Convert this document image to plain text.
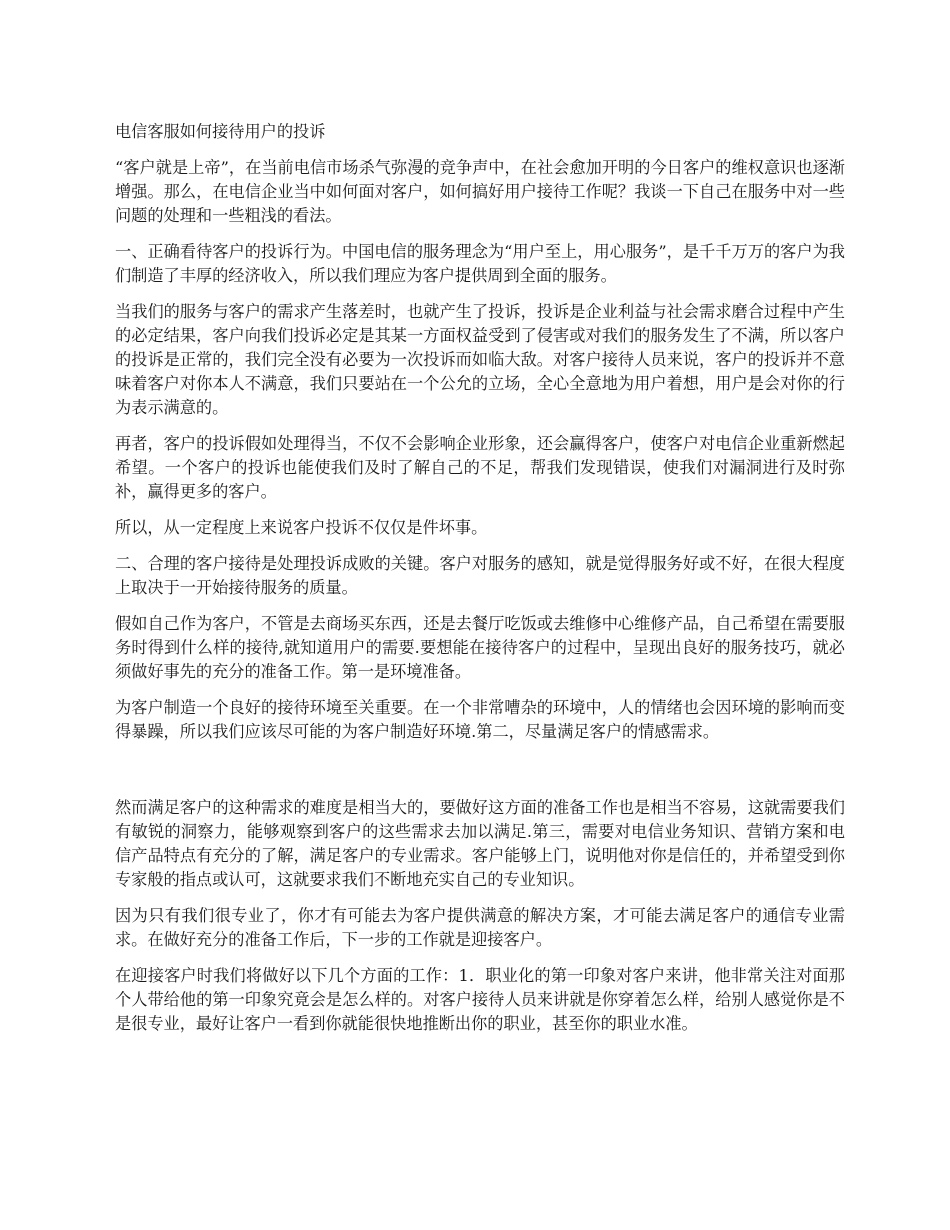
电信客服如何接待用户的投诉

“客户就是上帝”，在当前电信市场杀气弥漫的竞争声中，在社会愈加开明的今日客户的维权意识也逐渐增强。那么，在电信企业当中如何面对客户，如何搞好用户接待工作呢？我谈一下自己在服务中对一些问题的处理和一些粗浅的看法。

一、正确看待客户的投诉行为。中国电信的服务理念为“用户至上，用心服务”，是千千万万的客户为我们制造了丰厚的经济收入，所以我们理应为客户提供周到全面的服务。

当我们的服务与客户的需求产生落差时，也就产生了投诉，投诉是企业利益与社会需求磨合过程中产生的必定结果，客户向我们投诉必定是其某一方面权益受到了侵害或对我们的服务发生了不满，所以客户的投诉是正常的，我们完全没有必要为一次投诉而如临大敌。对客户接待人员来说，客户的投诉并不意味着客户对你本人不满意，我们只要站在一个公允的立场，全心全意地为用户着想，用户是会对你的行为表示满意的。

再者，客户的投诉假如处理得当，不仅不会影响企业形象，还会赢得客户，使客户对电信企业重新燃起希望。一个客户的投诉也能使我们及时了解自己的不足，帮我们发现错误，使我们对漏洞进行及时弥补，赢得更多的客户。

所以，从一定程度上来说客户投诉不仅仅是件坏事。

二、合理的客户接待是处理投诉成败的关键。客户对服务的感知，就是觉得服务好或不好，在很大程度上取决于一开始接待服务的质量。

假如自己作为客户，不管是去商场买东西，还是去餐厅吃饭或去维修中心维修产品，自己希望在需要服务时得到什么样的接待,就知道用户的需要.要想能在接待客户的过程中，呈现出良好的服务技巧，就必须做好事先的充分的准备工作。第一是环境准备。

为客户制造一个良好的接待环境至关重要。在一个非常嘈杂的环境中，人的情绪也会因环境的影响而变得暴躁，所以我们应该尽可能的为客户制造好环境.第二，尽量满足客户的情感需求。

然而满足客户的这种需求的难度是相当大的，要做好这方面的准备工作也是相当不容易，这就需要我们有敏锐的洞察力，能够观察到客户的这些需求去加以满足.第三，需要对电信业务知识、营销方案和电信产品特点有充分的了解，满足客户的专业需求。客户能够上门，说明他对你是信任的，并希望受到你专家般的指点或认可，这就要求我们不断地充实自己的专业知识。

因为只有我们很专业了，你才有可能去为客户提供满意的解决方案，才可能去满足客户的通信专业需求。在做好充分的准备工作后，下一步的工作就是迎接客户。

在迎接客户时我们将做好以下几个方面的工作：1．职业化的第一印象对客户来讲，他非常关注对面那个人带给他的第一印象究竟会是怎么样的。对客户接待人员来讲就是你穿着怎么样，给别人感觉你是不是很专业，最好让客户一看到你就能很快地推断出你的职业，甚至你的职业水准。
